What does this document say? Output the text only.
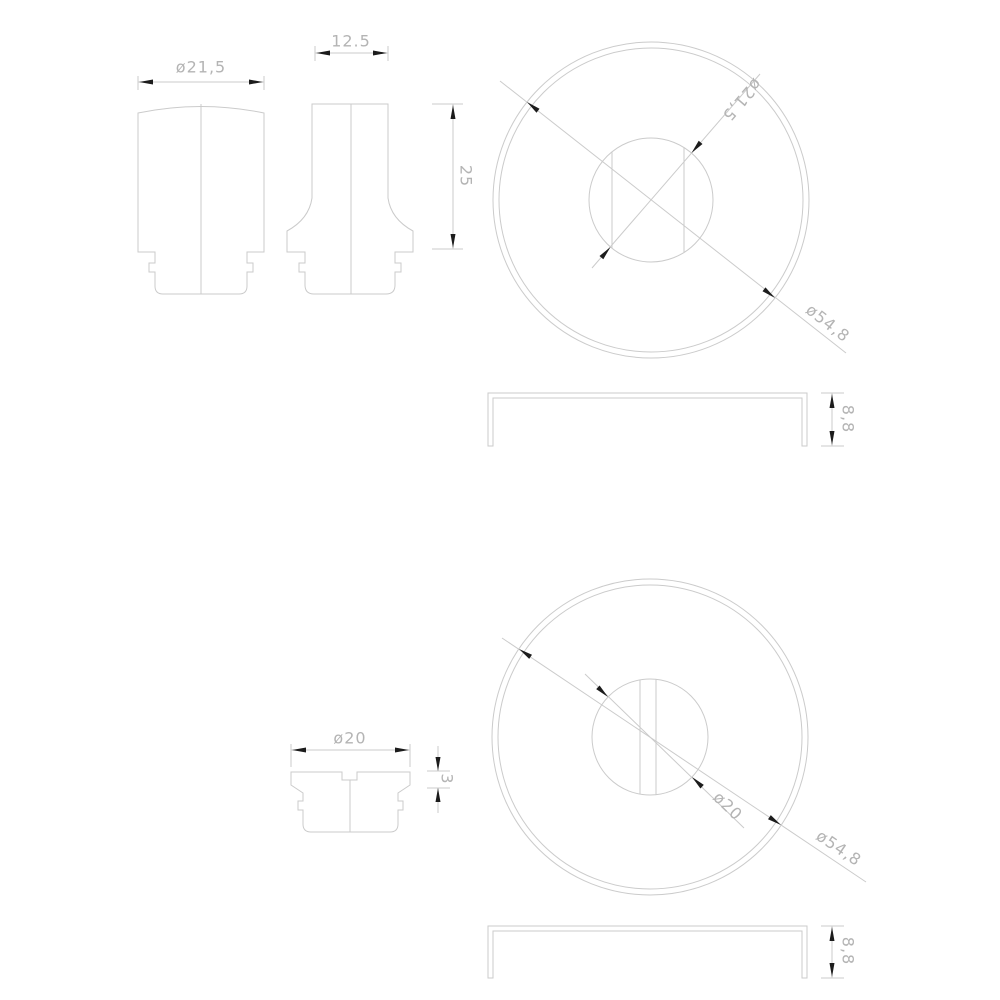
ø21,5
12.5
25
ø21,5
ø54,8
8,8
ø20
3
ø20
ø54,8
8,8
